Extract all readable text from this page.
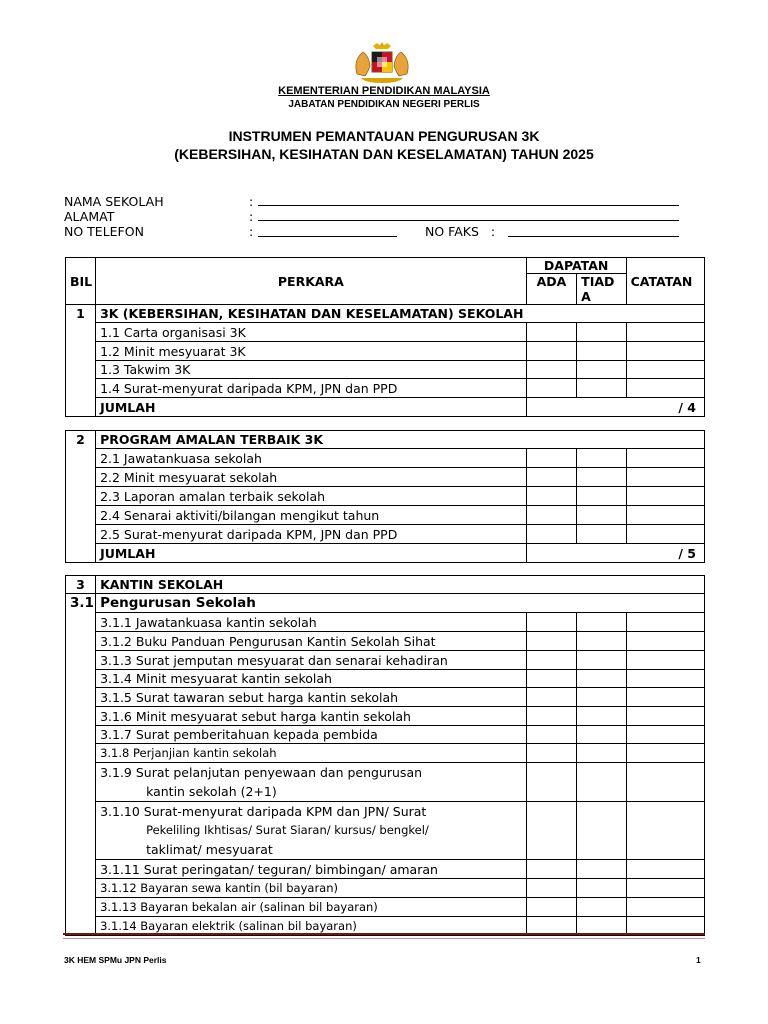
KEMENTERIAN PENDIDIKAN MALAYSIA
JABATAN PENDIDIKAN NEGERI PERLIS
INSTRUMEN PEMANTAUAN PENGURUSAN 3K
(KEBERSIHAN, KESIHATAN DAN KESELAMATAN) TAHUN 2025
NAMA SEKOLAH	:
ALAMAT	:
NO TELEFON	:	NO FAKS :
BIL	PERKARA	DAPATAN		CATATAN
		ADA	TIADA	
1	3K (KEBERSIHAN, KESIHATAN DAN KESELAMATAN) SEKOLAH			
	1.1 Carta organisasi 3K			
	1.2 Minit mesyuarat 3K			
	1.3 Takwim 3K			
	1.4 Surat-menyurat daripada KPM, JPN dan PPD			
	JUMLAH	/ 4		
2	PROGRAM AMALAN TERBAIK 3K			
	2.1 Jawatankuasa sekolah			
	2.2 Minit mesyuarat sekolah			
	2.3 Laporan amalan terbaik sekolah			
	2.4 Senarai aktiviti/bilangan mengikut tahun			
	2.5 Surat-menyurat daripada KPM, JPN dan PPD			
	JUMLAH	/ 5		
3	KANTIN SEKOLAH			
3.1	Pengurusan Sekolah			
	3.1.1 Jawatankuasa kantin sekolah			
	3.1.2 Buku Panduan Pengurusan Kantin Sekolah Sihat			
	3.1.3 Surat jemputan mesyuarat dan senarai kehadiran			
	3.1.4 Minit mesyuarat kantin sekolah			
	3.1.5 Surat tawaran sebut harga kantin sekolah			
	3.1.6 Minit mesyuarat sebut harga kantin sekolah			
	3.1.7 Surat pemberitahuan kepada pembida			
	3.1.8 Perjanjian kantin sekolah			

	3.1.9 Surat pelanjutan penyewaan dan pengurusan
kantin sekolah (2+1)			

	3.1.10 Surat-menyurat daripada KPM dan JPN/ Surat
Pekeliling Ikhtisas/ Surat Siaran/ kursus/ bengkel/
taklimat/ mesyuarat			

	3.1.11 Surat peringatan/ teguran/ bimbingan/ amaran			
	3.1.12 Bayaran sewa kantin (bil bayaran)			
	3.1.13 Bayaran bekalan air (salinan bil bayaran)			
	3.1.14 Bayaran elektrik (salinan bil bayaran)			
3K HEM SPMu JPN Perlis	1
